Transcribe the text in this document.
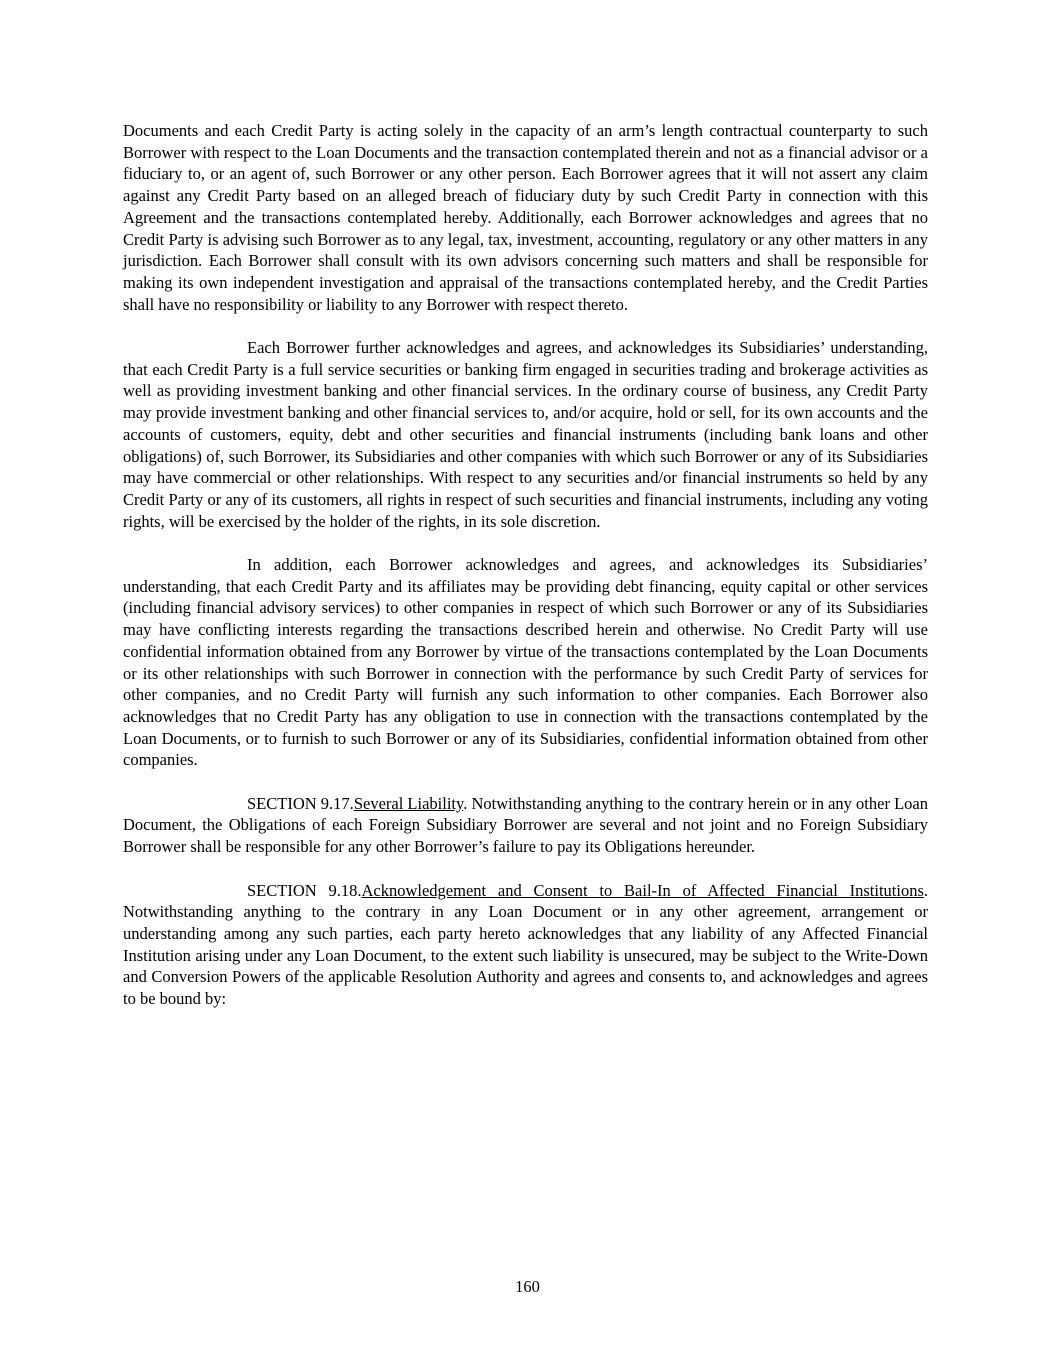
Documents and each Credit Party is acting solely in the capacity of an arm’s length contractual counterparty to such Borrower with respect to the Loan Documents and the transaction contemplated therein and not as a financial advisor or a fiduciary to, or an agent of, such Borrower or any other person. Each Borrower agrees that it will not assert any claim against any Credit Party based on an alleged breach of fiduciary duty by such Credit Party in connection with this Agreement and the transactions contemplated hereby. Additionally, each Borrower acknowledges and agrees that no Credit Party is advising such Borrower as to any legal, tax, investment, accounting, regulatory or any other matters in any jurisdiction. Each Borrower shall consult with its own advisors concerning such matters and shall be responsible for making its own independent investigation and appraisal of the transactions contemplated hereby, and the Credit Parties shall have no responsibility or liability to any Borrower with respect thereto.

Each Borrower further acknowledges and agrees, and acknowledges its Subsidiaries’ understanding, that each Credit Party is a full service securities or banking firm engaged in securities trading and brokerage activities as well as providing investment banking and other financial services. In the ordinary course of business, any Credit Party may provide investment banking and other financial services to, and/or acquire, hold or sell, for its own accounts and the accounts of customers, equity, debt and other securities and financial instruments (including bank loans and other obligations) of, such Borrower, its Subsidiaries and other companies with which such Borrower or any of its Subsidiaries may have commercial or other relationships. With respect to any securities and/or financial instruments so held by any Credit Party or any of its customers, all rights in respect of such securities and financial instruments, including any voting rights, will be exercised by the holder of the rights, in its sole discretion.

In addition, each Borrower acknowledges and agrees, and acknowledges its Subsidiaries’ understanding, that each Credit Party and its affiliates may be providing debt financing, equity capital or other services (including financial advisory services) to other companies in respect of which such Borrower or any of its Subsidiaries may have conflicting interests regarding the transactions described herein and otherwise. No Credit Party will use confidential information obtained from any Borrower by virtue of the transactions contemplated by the Loan Documents or its other relationships with such Borrower in connection with the performance by such Credit Party of services for other companies, and no Credit Party will furnish any such information to other companies. Each Borrower also acknowledges that no Credit Party has any obligation to use in connection with the transactions contemplated by the Loan Documents, or to furnish to such Borrower or any of its Subsidiaries, confidential information obtained from other companies.

SECTION 9.17.Several Liability. Notwithstanding anything to the contrary herein or in any other Loan Document, the Obligations of each Foreign Subsidiary Borrower are several and not joint and no Foreign Subsidiary Borrower shall be responsible for any other Borrower’s failure to pay its Obligations hereunder.

SECTION 9.18.Acknowledgement and Consent to Bail-In of Affected Financial Institutions. Notwithstanding anything to the contrary in any Loan Document or in any other agreement, arrangement or understanding among any such parties, each party hereto acknowledges that any liability of any Affected Financial Institution arising under any Loan Document, to the extent such liability is unsecured, may be subject to the Write-Down and Conversion Powers of the applicable Resolution Authority and agrees and consents to, and acknowledges and agrees to be bound by:

160
